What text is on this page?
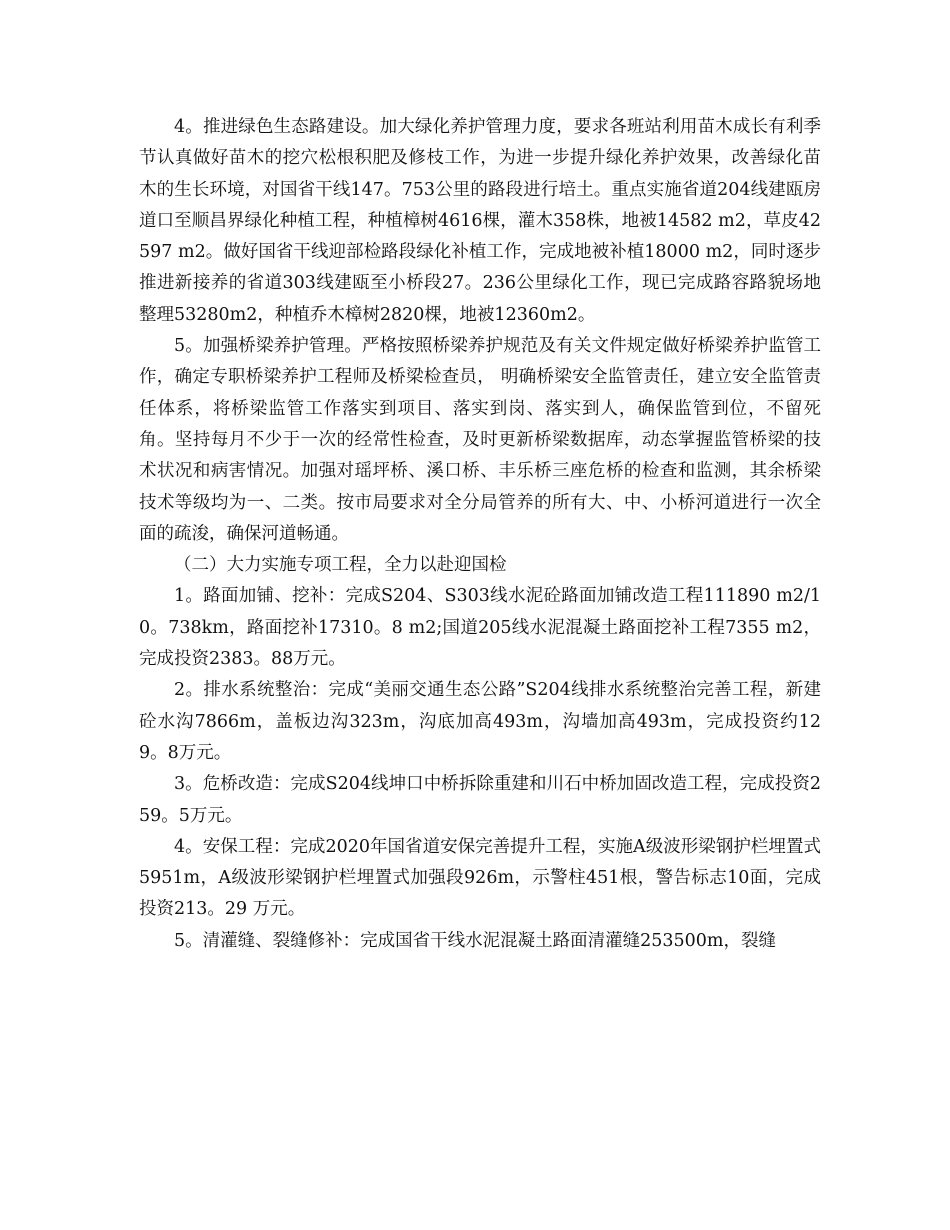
4。推进绿色生态路建设。加大绿化养护管理力度，要求各班站利用苗木成长有利季节认真做好苗木的挖穴松根积肥及修枝工作，为进一步提升绿化养护效果，改善绿化苗木的生长环境，对国省干线147。753公里的路段进行培土。重点实施省道204线建瓯房道口至顺昌界绿化种植工程，种植樟树4616棵，灌木358株，地被14582 m2，草皮42597 m2。做好国省干线迎部检路段绿化补植工作，完成地被补植18000 m2，同时逐步推进新接养的省道303线建瓯至小桥段27。236公里绿化工作，现已完成路容路貌场地整理53280m2，种植乔木樟树2820棵，地被12360m2。

5。加强桥梁养护管理。严格按照桥梁养护规范及有关文件规定做好桥梁养护监管工作，确定专职桥梁养护工程师及桥梁检查员， 明确桥梁安全监管责任，建立安全监管责任体系，将桥梁监管工作落实到项目、落实到岗、落实到人，确保监管到位，不留死角。坚持每月不少于一次的经常性检查，及时更新桥梁数据库，动态掌握监管桥梁的技术状况和病害情况。加强对瑶坪桥、溪口桥、丰乐桥三座危桥的检查和监测，其余桥梁技术等级均为一、二类。按市局要求对全分局管养的所有大、中、小桥河道进行一次全面的疏浚，确保河道畅通。

（二）大力实施专项工程，全力以赴迎国检

1。路面加铺、挖补：完成S204、S303线水泥砼路面加铺改造工程111890 m2/10。738km，路面挖补17310。8 m2;国道205线水泥混凝土路面挖补工程7355 m2，完成投资2383。88万元。

2。排水系统整治：完成“美丽交通生态公路”S204线排水系统整治完善工程，新建砼水沟7866m，盖板边沟323m，沟底加高493m，沟墙加高493m，完成投资约129。8万元。

3。危桥改造：完成S204线坤口中桥拆除重建和川石中桥加固改造工程，完成投资259。5万元。

4。安保工程：完成2020年国省道安保完善提升工程，实施A级波形梁钢护栏埋置式5951m，A级波形梁钢护栏埋置式加强段926m，示警柱451根，警告标志10面，完成投资213。29 万元。

5。清灌缝、裂缝修补：完成国省干线水泥混凝土路面清灌缝253500m，裂缝
